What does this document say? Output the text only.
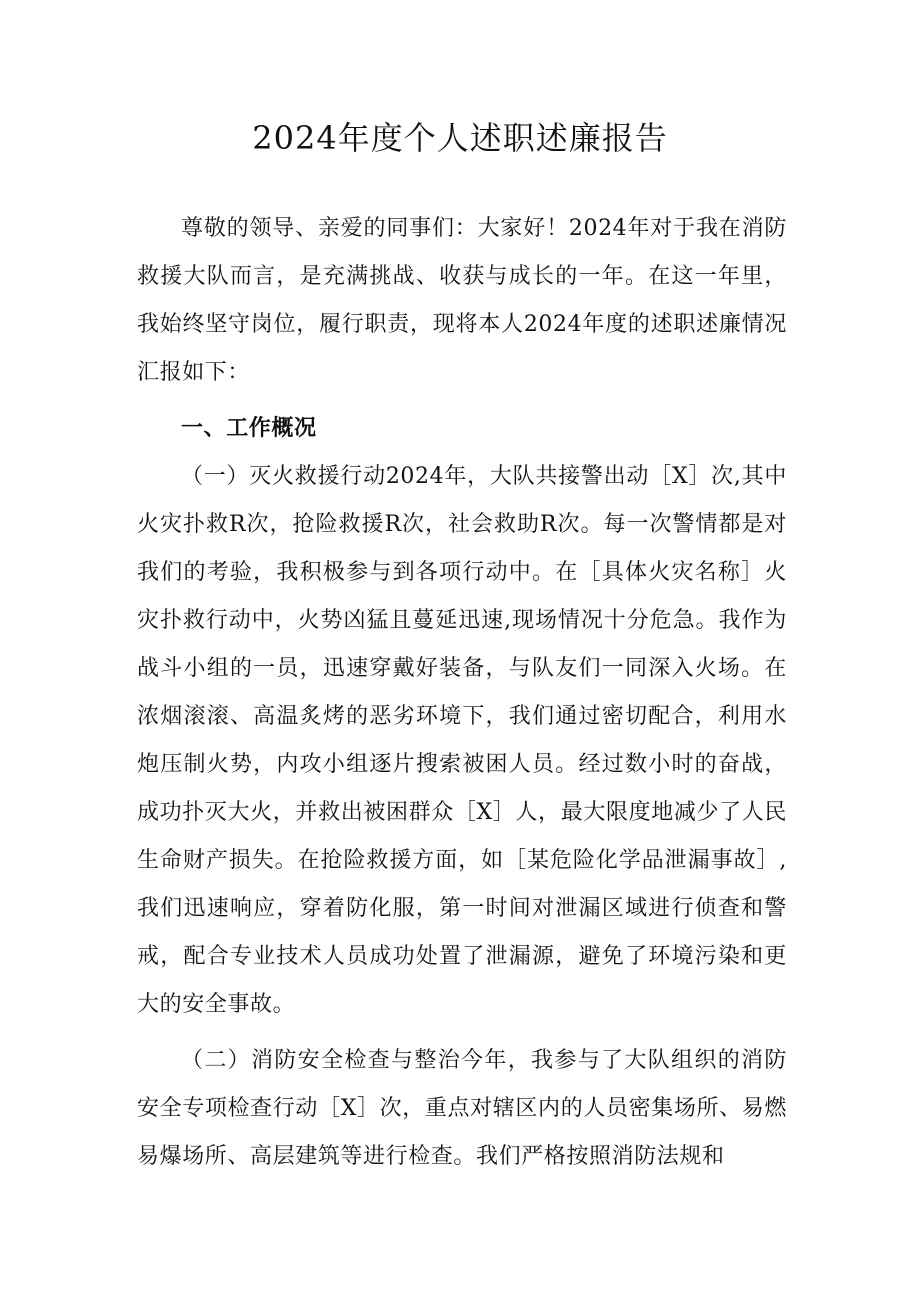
2024年度个人述职述廉报告

尊敬的领导、亲爱的同事们：大家好！2024年对于我在消防救援大队而言，是充满挑战、收获与成长的一年。在这一年里，我始终坚守岗位，履行职责，现将本人2024年度的述职述廉情况汇报如下：

一、工作概况

（一）灭火救援行动2024年，大队共接警出动［X］次,其中火灾扑救R次，抢险救援R次，社会救助R次。每一次警情都是对我们的考验，我积极参与到各项行动中。在［具体火灾名称］火灾扑救行动中，火势凶猛且蔓延迅速,现场情况十分危急。我作为战斗小组的一员，迅速穿戴好装备，与队友们一同深入火场。在浓烟滚滚、高温炙烤的恶劣环境下，我们通过密切配合，利用水炮压制火势，内攻小组逐片搜索被困人员。经过数小时的奋战，成功扑灭大火，并救出被困群众［X］人，最大限度地减少了人民生命财产损失。在抢险救援方面，如［某危险化学品泄漏事故］,我们迅速响应，穿着防化服，第一时间对泄漏区域进行侦查和警戒，配合专业技术人员成功处置了泄漏源，避免了环境污染和更大的安全事故。

（二）消防安全检查与整治今年，我参与了大队组织的消防安全专项检查行动［X］次，重点对辖区内的人员密集场所、易燃易爆场所、高层建筑等进行检查。我们严格按照消防法规和
